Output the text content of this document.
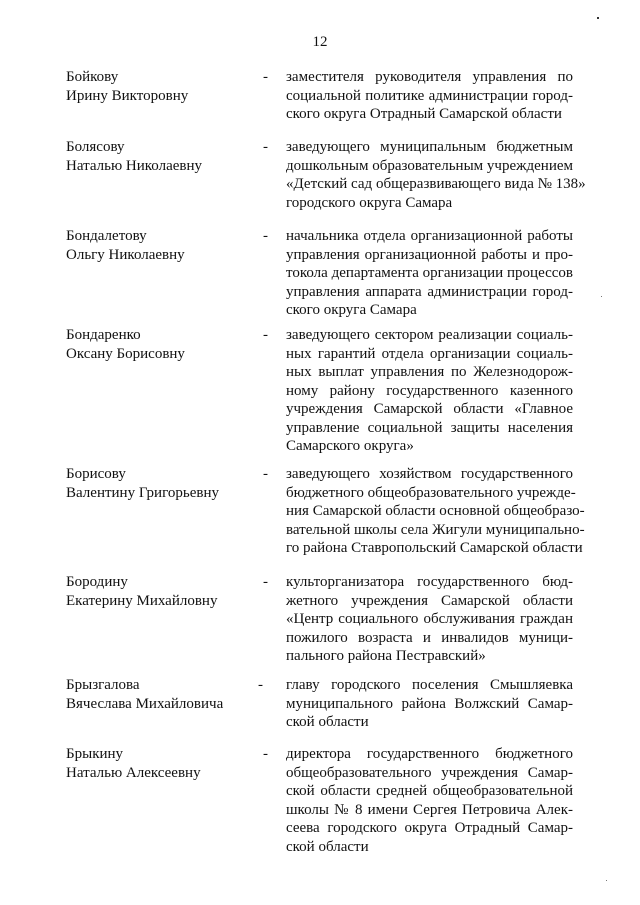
12
Бойкову
Ирину Викторовну
-	заместителя руководителя управления по
социальной политике администрации город-
ского округа Отрадный Самарской области
Болясову
Наталью Николаевну
-	заведующего муниципальным бюджетным
дошкольным образовательным учреждением
«Детский сад общеразвивающего вида № 138»
городского округа Самара
Бондалетову
Ольгу Николаевну
-	начальника отдела организационной работы
управления организационной работы и про-
токола департамента организации процессов
управления аппарата администрации город-
ского округа Самара
Бондаренко
Оксану Борисовну
-	заведующего сектором реализации социаль-
ных гарантий отдела организации социаль-
ных выплат управления по Железнодорож-
ному району государственного казенного
учреждения Самарской области «Главное
управление социальной защиты населения
Самарского округа»
Борисову
Валентину Григорьевну
-	заведующего хозяйством государственного
бюджетного общеобразовательного учрежде-
ния Самарской области основной общеобразо-
вательной школы села Жигули муниципально-
го района Ставропольский Самарской области
Бородину
Екатерину Михайловну
-	культорганизатора государственного бюд-
жетного учреждения Самарской области
«Центр социального обслуживания граждан
пожилого возраста и инвалидов муници-
пального района Пестравский»
Брызгалова
Вячеслава Михайловича
-	главу городского поселения Смышляевка
муниципального района Волжский Самар-
ской области
Брыкину
Наталью Алексеевну
-	директора государственного бюджетного
общеобразовательного учреждения Самар-
ской области средней общеобразовательной
школы № 8 имени Сергея Петровича Алек-
сеева городского округа Отрадный Самар-
ской области
